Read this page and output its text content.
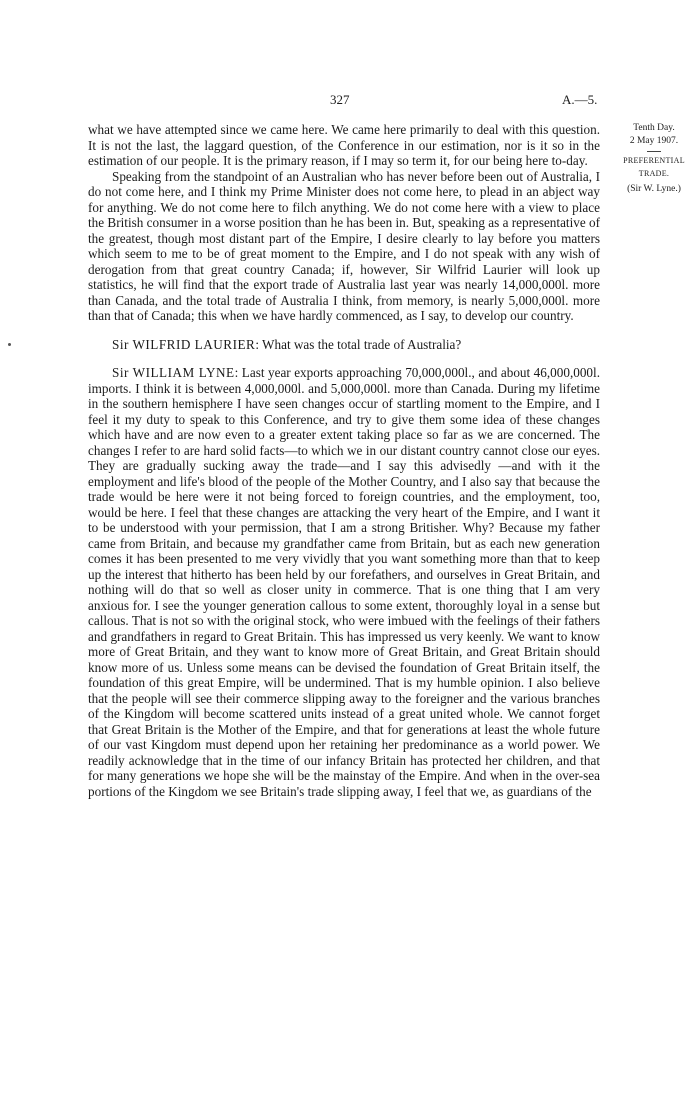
327	A.—5.
Tenth Day.
2 May 1907.
PREFERENTIAL
TRADE.
(Sir W. Lyne.)

what we have attempted since we came here. We came here primarily to deal with this question. It is not the last, the laggard question, of the Conference in our estimation, nor is it so in the estimation of our people. It is the primary reason, if I may so term it, for our being here to-day.

Speaking from the standpoint of an Australian who has never before been out of Australia, I do not come here, and I think my Prime Minister does not come here, to plead in an abject way for anything. We do not come here to filch anything. We do not come here with a view to place the British consumer in a worse position than he has been in. But, speaking as a representative of the greatest, though most distant part of the Empire, I desire clearly to lay before you matters which seem to me to be of great moment to the Empire, and I do not speak with any wish of derogation from that great country Canada; if, however, Sir Wilfrid Laurier will look up statistics, he will find that the export trade of Australia last year was nearly 14,000,000l. more than Canada, and the total trade of Australia I think, from memory, is nearly 5,000,000l. more than that of Canada; this when we have hardly commenced, as I say, to develop our country.

Sir WILFRID LAURIER: What was the total trade of Australia?

Sir WILLIAM LYNE: Last year exports approaching 70,000,000l., and about 46,000,000l. imports. I think it is between 4,000,000l. and 5,000,000l. more than Canada. During my lifetime in the southern hemisphere I have seen changes occur of startling moment to the Empire, and I feel it my duty to speak to this Conference, and try to give them some idea of these changes which have and are now even to a greater extent taking place so far as we are concerned. The changes I refer to are hard solid facts—to which we in our distant country cannot close our eyes. They are gradually sucking away the trade—and I say this advisedly —and with it the employment and life's blood of the people of the Mother Country, and I also say that because the trade would be here were it not being forced to foreign countries, and the employment, too, would be here. I feel that these changes are attacking the very heart of the Empire, and I want it to be understood with your permission, that I am a strong Britisher. Why? Because my father came from Britain, and because my grandfather came from Britain, but as each new generation comes it has been presented to me very vividly that you want something more than that to keep up the interest that hitherto has been held by our forefathers, and ourselves in Great Britain, and nothing will do that so well as closer unity in commerce. That is one thing that I am very anxious for. I see the younger generation callous to some extent, thoroughly loyal in a sense but callous. That is not so with the original stock, who were imbued with the feelings of their fathers and grandfathers in regard to Great Britain. This has impressed us very keenly. We want to know more of Great Britain, and they want to know more of Great Britain, and Great Britain should know more of us. Unless some means can be devised the foundation of Great Britain itself, the foundation of this great Empire, will be undermined. That is my humble opinion. I also believe that the people will see their commerce slipping away to the foreigner and the various branches of the Kingdom will become scattered units instead of a great united whole. We cannot forget that Great Britain is the Mother of the Empire, and that for generations at least the whole future of our vast Kingdom must depend upon her retaining her predominance as a world power. We readily acknowledge that in the time of our infancy Britain has protected her children, and that for many generations we hope she will be the mainstay of the Empire. And when in the over-sea portions of the Kingdom we see Britain's trade slipping away, I feel that we, as guardians of the
